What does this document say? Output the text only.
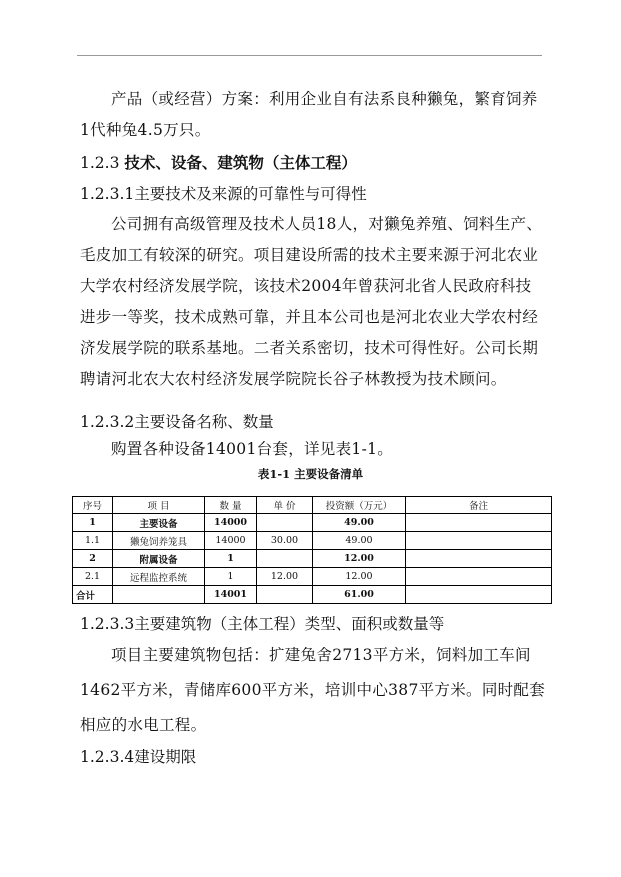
产品（或经营）方案：利用企业自有法系良种獭兔，繁育饲养
1代种兔4.5万只。
1.2.3 技术、设备、建筑物（主体工程）
1.2.3.1主要技术及来源的可靠性与可得性
公司拥有高级管理及技术人员18人，对獭兔养殖、饲料生产、
毛皮加工有较深的研究。项目建设所需的技术主要来源于河北农业
大学农村经济发展学院，该技术2004年曾获河北省人民政府科技
进步一等奖，技术成熟可靠，并且本公司也是河北农业大学农村经
济发展学院的联系基地。二者关系密切，技术可得性好。公司长期
聘请河北农大农村经济发展学院院长谷子林教授为技术顾问。
1.2.3.2主要设备名称、数量
购置各种设备14001台套，详见表1-1。
表1-1 主要设备清单
序号	项 目	数 量	单 价	投资额（万元）	备注
1	主要设备	14000		49.00	
1.1	獭兔饲养笼具	14000	30.00	49.00	
2	附属设备	1		12.00	
2.1	远程监控系统	1	12.00	12.00	
合计		14001		61.00	
1.2.3.3主要建筑物（主体工程）类型、面积或数量等
项目主要建筑物包括：扩建兔舍2713平方米，饲料加工车间
1462平方米，青储库600平方米，培训中心387平方米。同时配套
相应的水电工程。
1.2.3.4建设期限
